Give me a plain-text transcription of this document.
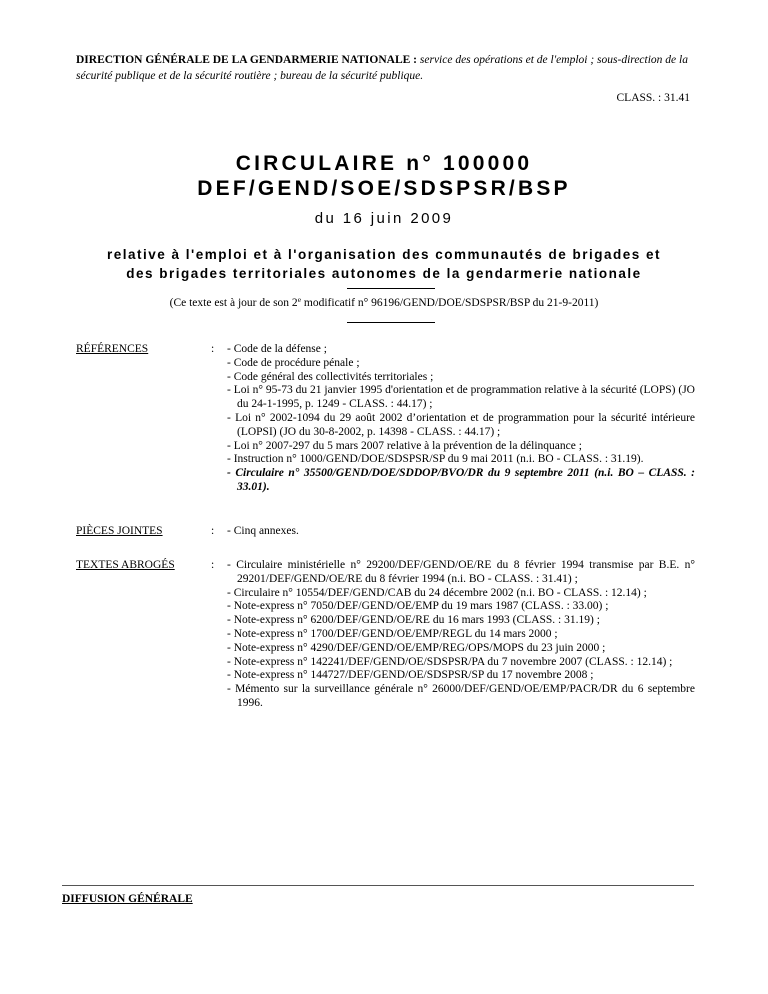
DIRECTION GÉNÉRALE DE LA GENDARMERIE NATIONALE : service des opérations et de l'emploi ; sous-direction de la sécurité publique et de la sécurité routière ; bureau de la sécurité publique.
CLASS. : 31.41
CIRCULAIRE n° 100000
DEF/GEND/SOE/SDSPSR/BSP
du 16 juin 2009
relative à l'emploi et à l'organisation des communautés de brigades et
des brigades territoriales autonomes de la gendarmerie nationale
(Ce texte est à jour de son 2e modificatif n° 96196/GEND/DOE/SDSPSR/BSP du 21-9-2011)
RÉFÉRENCES	: - Code de la défense ;
- Code de procédure pénale ;
- Code général des collectivités territoriales ;
- Loi n° 95-73 du 21 janvier 1995 d'orientation et de programmation relative à la sécurité (LOPS) (JO du 24-1-1995, p. 1249 - CLASS. : 44.17) ;
- Loi n° 2002-1094 du 29 août 2002 d’orientation et de programmation pour la sécurité intérieure (LOPSI) (JO du 30-8-2002, p. 14398 - CLASS. : 44.17) ;
- Loi n° 2007-297 du 5 mars 2007 relative à la prévention de la délinquance ;
- Instruction n° 1000/GEND/DOE/SDSPSR/SP du 9 mai 2011 (n.i. BO - CLASS. : 31.19).
- Circulaire n° 35500/GEND/DOE/SDDOP/BVO/DR du 9 septembre 2011 (n.i. BO – CLASS. : 33.01).
PIÈCES JOINTES	: - Cinq annexes.
TEXTES ABROGÉS	: - Circulaire ministérielle n° 29200/DEF/GEND/OE/RE du 8 février 1994 transmise par B.E. n° 29201/DEF/GEND/OE/RE du 8 février 1994 (n.i. BO - CLASS. : 31.41) ;
- Circulaire n° 10554/DEF/GEND/CAB du 24 décembre 2002 (n.i. BO - CLASS. : 12.14) ;
- Note-express n° 7050/DEF/GEND/OE/EMP du 19 mars 1987 (CLASS. : 33.00) ;
- Note-express n° 6200/DEF/GEND/OE/RE du 16 mars 1993 (CLASS. : 31.19) ;
- Note-express n° 1700/DEF/GEND/OE/EMP/REGL du 14 mars 2000 ;
- Note-express n° 4290/DEF/GEND/OE/EMP/REG/OPS/MOPS du 23 juin 2000 ;
- Note-express n° 142241/DEF/GEND/OE/SDSPSR/PA du 7 novembre 2007 (CLASS. : 12.14) ;
- Note-express n° 144727/DEF/GEND/OE/SDSPSR/SP du 17 novembre 2008 ;
- Mémento sur la surveillance générale n° 26000/DEF/GEND/OE/EMP/PACR/DR du 6 septembre 1996.
DIFFUSION GÉNÉRALE
